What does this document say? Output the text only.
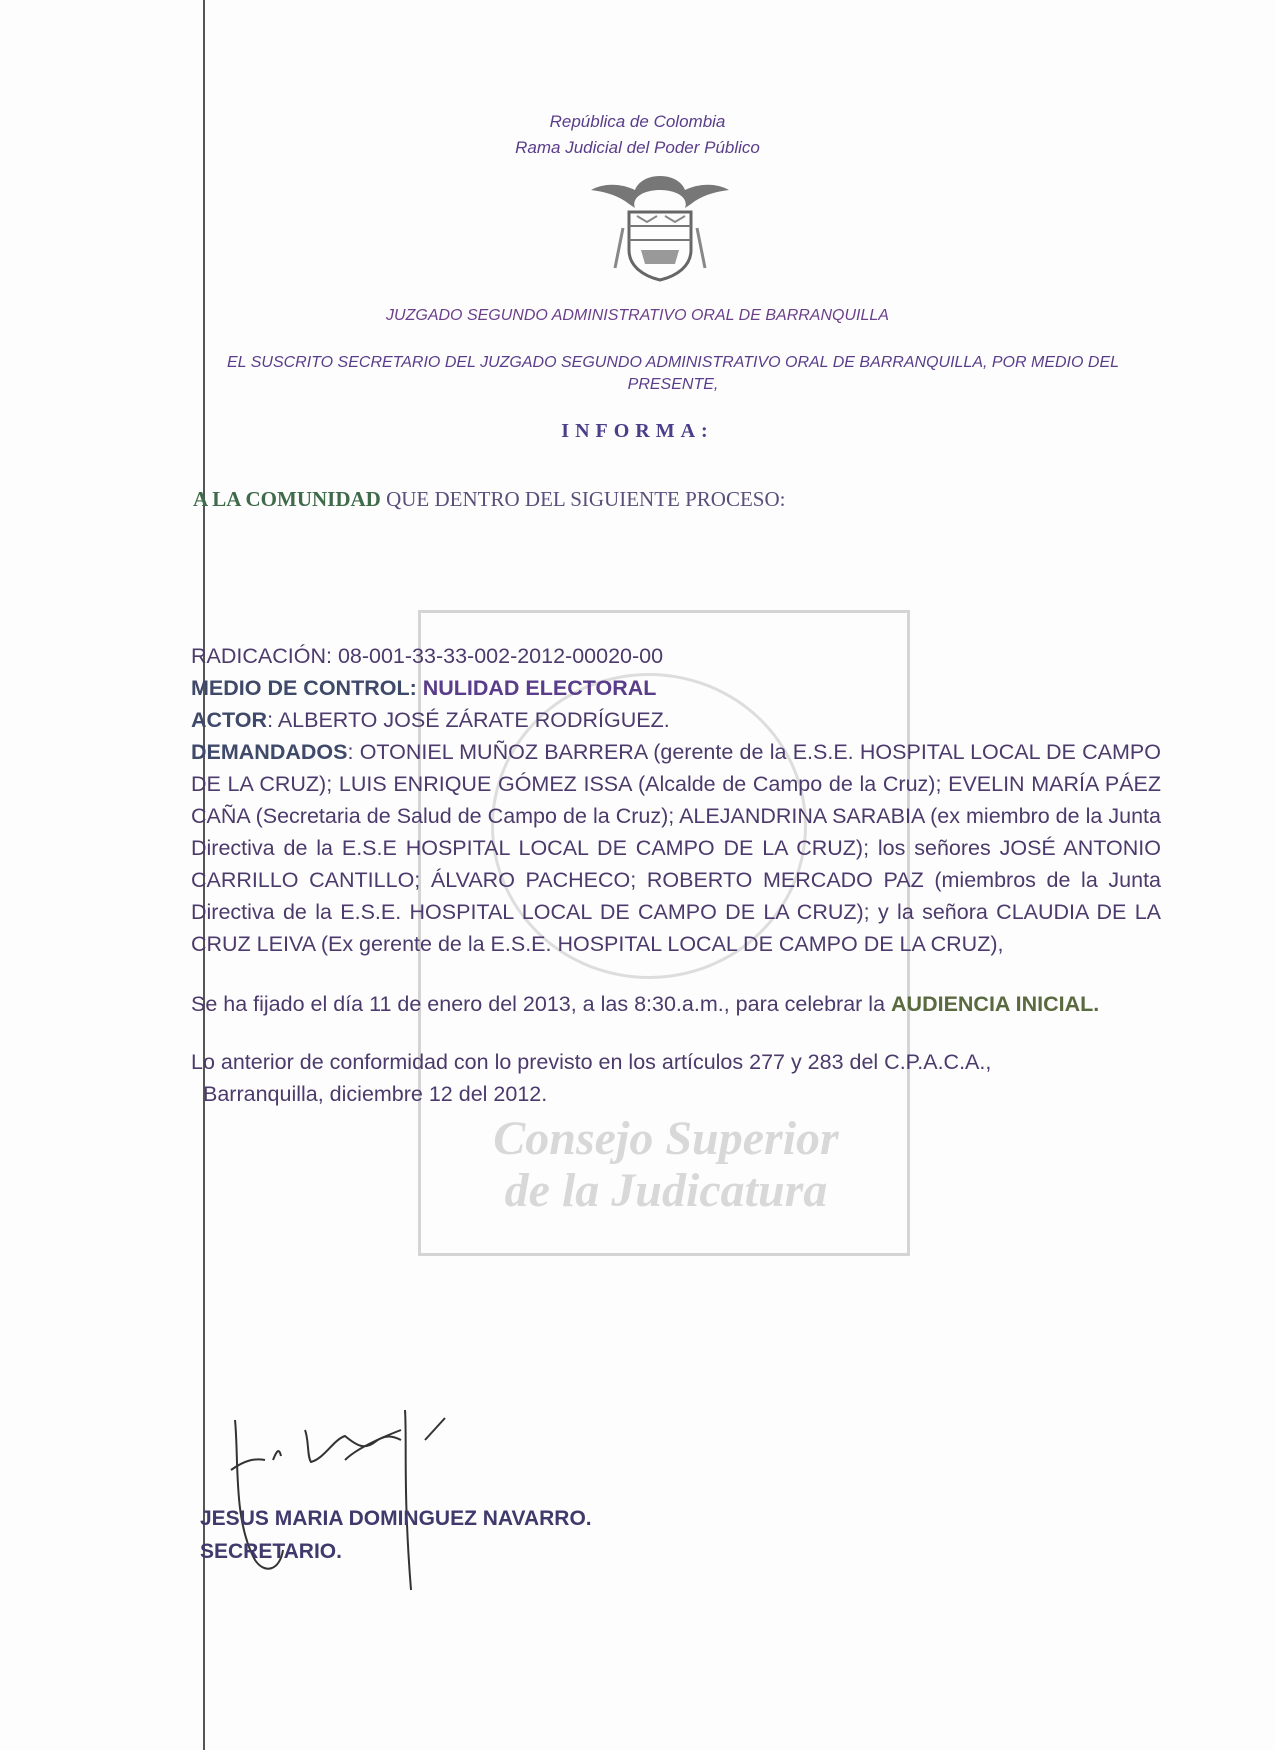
República de Colombia
Rama Judicial del Poder Público
JUZGADO SEGUNDO ADMINISTRATIVO ORAL DE BARRANQUILLA
EL SUSCRITO SECRETARIO DEL JUZGADO SEGUNDO ADMINISTRATIVO ORAL DE BARRANQUILLA, POR MEDIO DEL PRESENTE,
INFORMA:
A LA COMUNIDAD QUE DENTRO DEL SIGUIENTE PROCESO:
Consejo Superior
de la Judicatura

RADICACIÓN: 08-001-33-33-002-2012-00020-00

MEDIO DE CONTROL: NULIDAD ELECTORAL

ACTOR: ALBERTO JOSÉ ZÁRATE RODRÍGUEZ.

DEMANDADOS: OTONIEL MUÑOZ BARRERA (gerente de la E.S.E. HOSPITAL LOCAL DE CAMPO DE LA CRUZ); LUIS ENRIQUE GÓMEZ ISSA (Alcalde de Campo de la Cruz); EVELIN MARÍA PÁEZ CAÑA (Secretaria de Salud de Campo de la Cruz); ALEJANDRINA SARABIA (ex miembro de la Junta Directiva de la E.S.E HOSPITAL LOCAL DE CAMPO DE LA CRUZ); los señores JOSÉ ANTONIO CARRILLO CANTILLO; ÁLVARO PACHECO; ROBERTO MERCADO PAZ (miembros de la Junta Directiva de la E.S.E. HOSPITAL LOCAL DE CAMPO DE LA CRUZ); y la señora CLAUDIA DE LA CRUZ LEIVA (Ex gerente de la E.S.E. HOSPITAL LOCAL DE CAMPO DE LA CRUZ),

Se ha fijado el día 11 de enero del 2013, a las 8:30.a.m., para celebrar la AUDIENCIA INICIAL.

Lo anterior de conformidad con lo previsto en los artículos 277 y 283 del C.P.A.C.A.,

Barranquilla, diciembre 12 del 2012.

JESUS MARIA DOMINGUEZ NAVARRO.
SECRETARIO.
